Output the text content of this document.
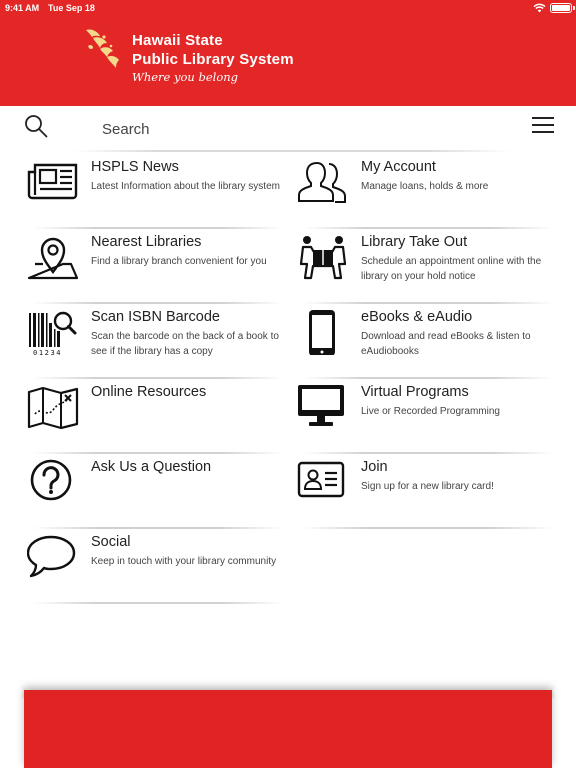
9:41 AM Tue Sep 18
Hawaii State
Public Library System
Where you belong
Search
HSPLS News
Latest Information about the library system
My Account
Manage loans, holds & more
Nearest Libraries
Find a library branch convenient for you
Library Take Out
Schedule an appointment online with the library on your hold notice
01234
Scan ISBN Barcode
Scan the barcode on the back of a book to see if the library has a copy
eBooks & eAudio
Download and read eBooks & listen to eAudiobooks
Online Resources	Virtual Programs
Live or Recorded Programming
Ask Us a Question	Join
Sign up for a new library card!
Social
Keep in touch with your library community
